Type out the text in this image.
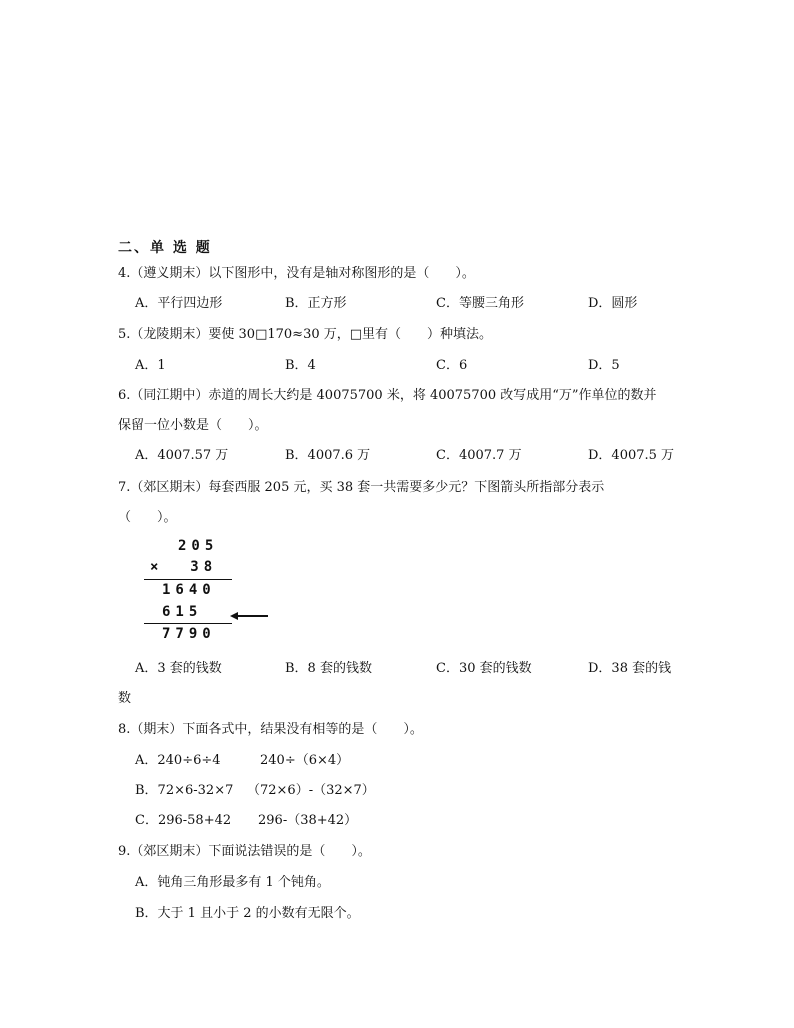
二、单 选 题
4.（遵义期末）以下图形中，没有是轴对称图形的是（　　）。
A．平行四边形	B．正方形	C．等腰三角形	D．圆形
5.（龙陵期末）要使 30□170≈30 万，□里有（　　）种填法。
A．1	B．4	C．6	D．5
6.（同江期中）赤道的周长大约是 40075700 米，将 40075700 改写成用“万”作单位的数并
保留一位小数是（　　）。
A．4007.57 万	B．4007.6 万	C．4007.7 万	D．4007.5 万
7.（郊区期末）每套西服 205 元，买 38 套一共需要多少元？下图箭头所指部分表示
（　　）。
205
×  38
1640
615
7790
A．3 套的钱数	B．8 套的钱数	C．30 套的钱数	D．38 套的钱
数
8.（期末）下面各式中，结果没有相等的是（　　）。
A．240÷6÷4	240÷（6×4）
B．72×6-32×7 （72×6）-（32×7）
C．296-58+42 296-（38+42）
9.（郊区期末）下面说法错误的是（　　）。
A．钝角三角形最多有 1 个钝角。
B．大于 1 且小于 2 的小数有无限个。
